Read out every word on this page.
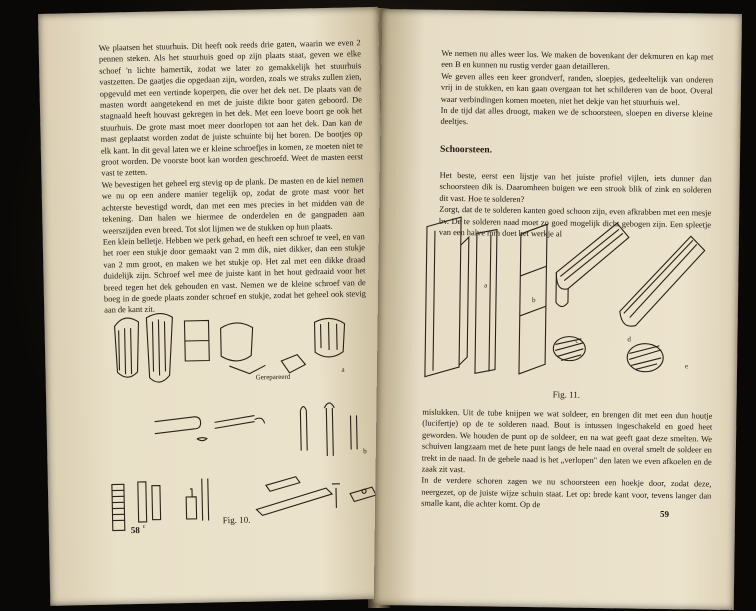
We plaatsen het stuurhuis. Dit heeft ook reeds drie gaten, waarin we even 2 pennen steken. Als het stuurhuis goed op zijn plaats staat, geven we elke schoef 'n lichte hamertik, zodat we later zo gemakkelijk het stuurhuis vastzetten. De gaatjes die opgedaan zijn, worden, zoals we straks zullen zien, opgevuld met een vertinde koperpen, die over het dek net. De plaats van de masten wordt aangetekend en met de juiste dikte boor gaten geboord. De stagnaald heeft houvast gekregen in het dek. Met een loeve boort ge ook het stuurhuis. De grote mast moet meer doorlopen tot aan het dek. Dan kan de mast geplaatst worden zodat de juiste schuinte bij het boren. De bootjes op elk kant. In dit geval laten we er kleine schroefjes in komen, ze moeten niet te groot worden. De voorste boot kan worden geschroefd. Weet de masten eerst vast te zetten.
We bevestigen het geheel erg stevig op de plank. De masten en de kiel nemen we nu op een andere manier tegelijk op, zodat de grote mast voor het achterste bevestigd wordt, dan met een mes precies in het midden van de tekening. Dan halen we hiermee de onderdelen en de gangpaden aan weerszijden even breed. Tot slot lijmen we de stukken op hun plaats.
Een klein belletje. Hebben we perk gehad, en heeft een schroef te veel, en van het roer een stukje door gemaakt van 2 mm dik, niet dikker, dan een stukje van 2 mm groot, en maken we het stukje op. Het zal met een dikke draad duidelijk zijn. Schroef wel mee de juiste kant in het hout gedraaid voor het breed tegen het dek gehouden en vast. Nemen we de kleine schroef van de boeg in de goede plaats zonder schroef en stukje, zodat het geheel ook stevig aan de kant zit.
Gerepareerd
a
b
c
Fig. 10.
58
We nemen nu alles weer los. We maken de bovenkant der dekmuren en kap met een B en kunnen nu rustig verder gaan detailleren.
We geven alles een keer grondverf, randen, sloepjes, gedeeltelijk van onderen vrij in de stukken, en kan gaan overgaan tot het schilderen van de boot. Overal waar verbindingen komen moeten, niet het dekje van het stuurhuis wel.
In de tijd dat alles droogt, maken we de schoorsteen, sloepen en diverse kleine deeltjes.
Schoorsteen.
Het beste, eerst een lijstje van het juiste profiel vijlen, iets dunner dan schoorsteen dik is. Daaromheen buigen we een strook blik of zink en solderen dit vast. Hoe te solderen?
Zorgt, dat de te solderen kanten goed schoon zijn, even afkrabben met een mesje bv. De te solderen naad moet zo goed mogelijk dicht gebogen zijn. Een spleetje van een halve mm doet het werkje al
a
b
c	d
e
Fig. 11.
mislukken. Uit de tube knijpen we wat soldeer, en brengen dit met een dun houtje (lucifertje) op de te solderen naad. Bout is intussen ingeschakeld en goed heet geworden. We houden de punt op de soldeer, en na wat geeft gaat deze smelten. We schuiven langzaam met de hete punt langs de hele naad en overal smelt de soldeer en trekt in de naad. In de gehele naad is het „verlopen" den laten we even afkoelen en de zaak zit vast.
In de verdere schoren zagen we nu schoorsteen een hoekje door, zodat deze, neergezet, op de juiste wijze schuin staat. Let op: brede kant voor, tevens langer dan smalle kant, die achter komt. Op de
59
